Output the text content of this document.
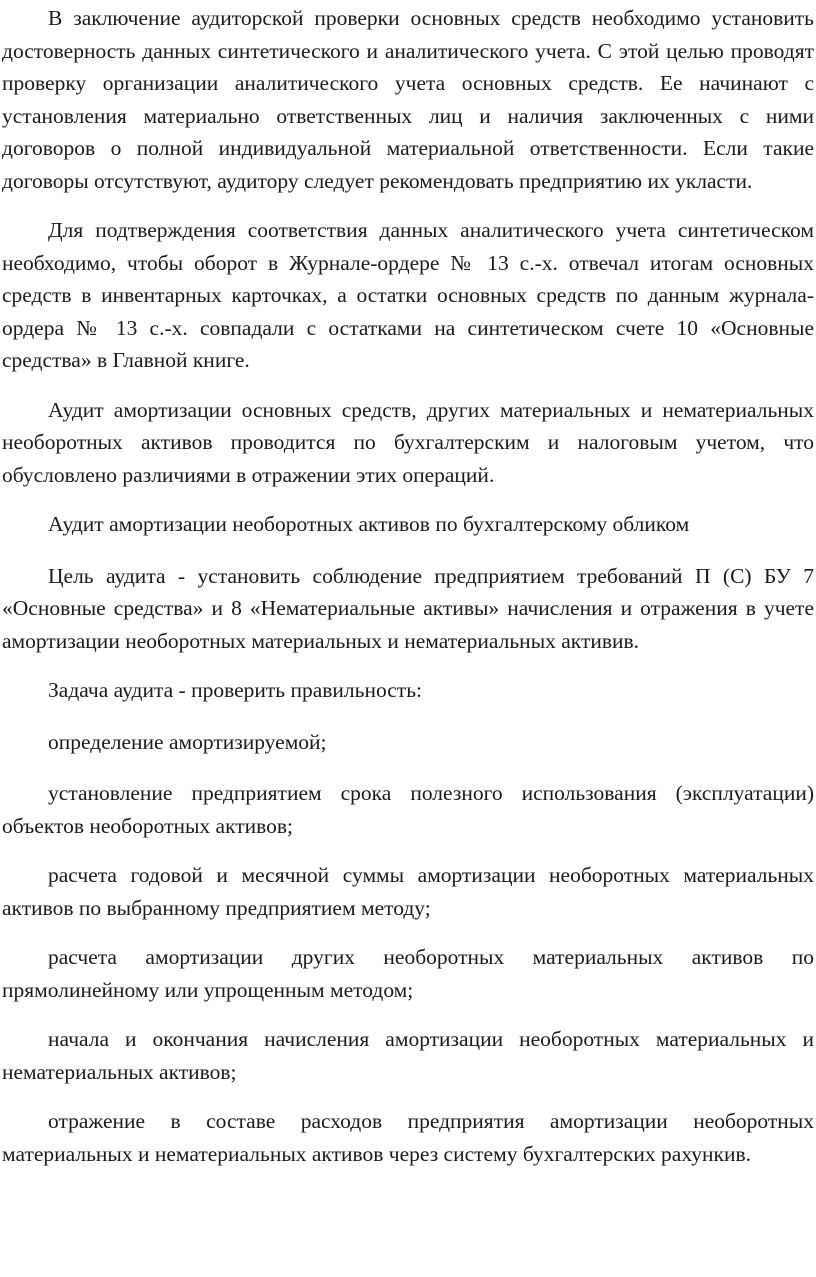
В заключение аудиторской проверки основных средств необходимо установить достоверность данных синтетического и аналитического учета. С этой целью проводят проверку организации аналитического учета основных средств. Ее начинают с установления материально ответственных лиц и наличия заключенных с ними договоров о полной индивидуальной материальной ответственности. Если такие договоры отсутствуют, аудитору следует рекомендовать предприятию их укласти.

Для подтверждения соответствия данных аналитического учета синтетическом необходимо, чтобы оборот в Журнале-ордере № 13 с.-х. отвечал итогам основных средств в инвентарных карточках, а остатки основных средств по данным журнала-ордера № 13 с.-х. совпадали с остатками на синтетическом счете 10 «Основные средства» в Главной книге.

Аудит амортизации основных средств, других материальных и нематериальных необоротных активов проводится по бухгалтерским и налоговым учетом, что обусловлено различиями в отражении этих операций.

Аудит амортизации необоротных активов по бухгалтерскому обликом

Цель аудита - установить соблюдение предприятием требований П (С) БУ 7 «Основные средства» и 8 «Нематериальные активы» начисления и отражения в учете амортизации необоротных материальных и нематериальных активив.

Задача аудита - проверить правильность:

определение амортизируемой;

установление предприятием срока полезного использования (эксплуатации) объектов необоротных активов;

расчета годовой и месячной суммы амортизации необоротных материальных активов по выбранному предприятием методу;

расчета амортизации других необоротных материальных активов по прямолинейному или упрощенным методом;

начала и окончания начисления амортизации необоротных материальных и нематериальных активов;

отражение в составе расходов предприятия амортизации необоротных материальных и нематериальных активов через систему бухгалтерских рахункив.
